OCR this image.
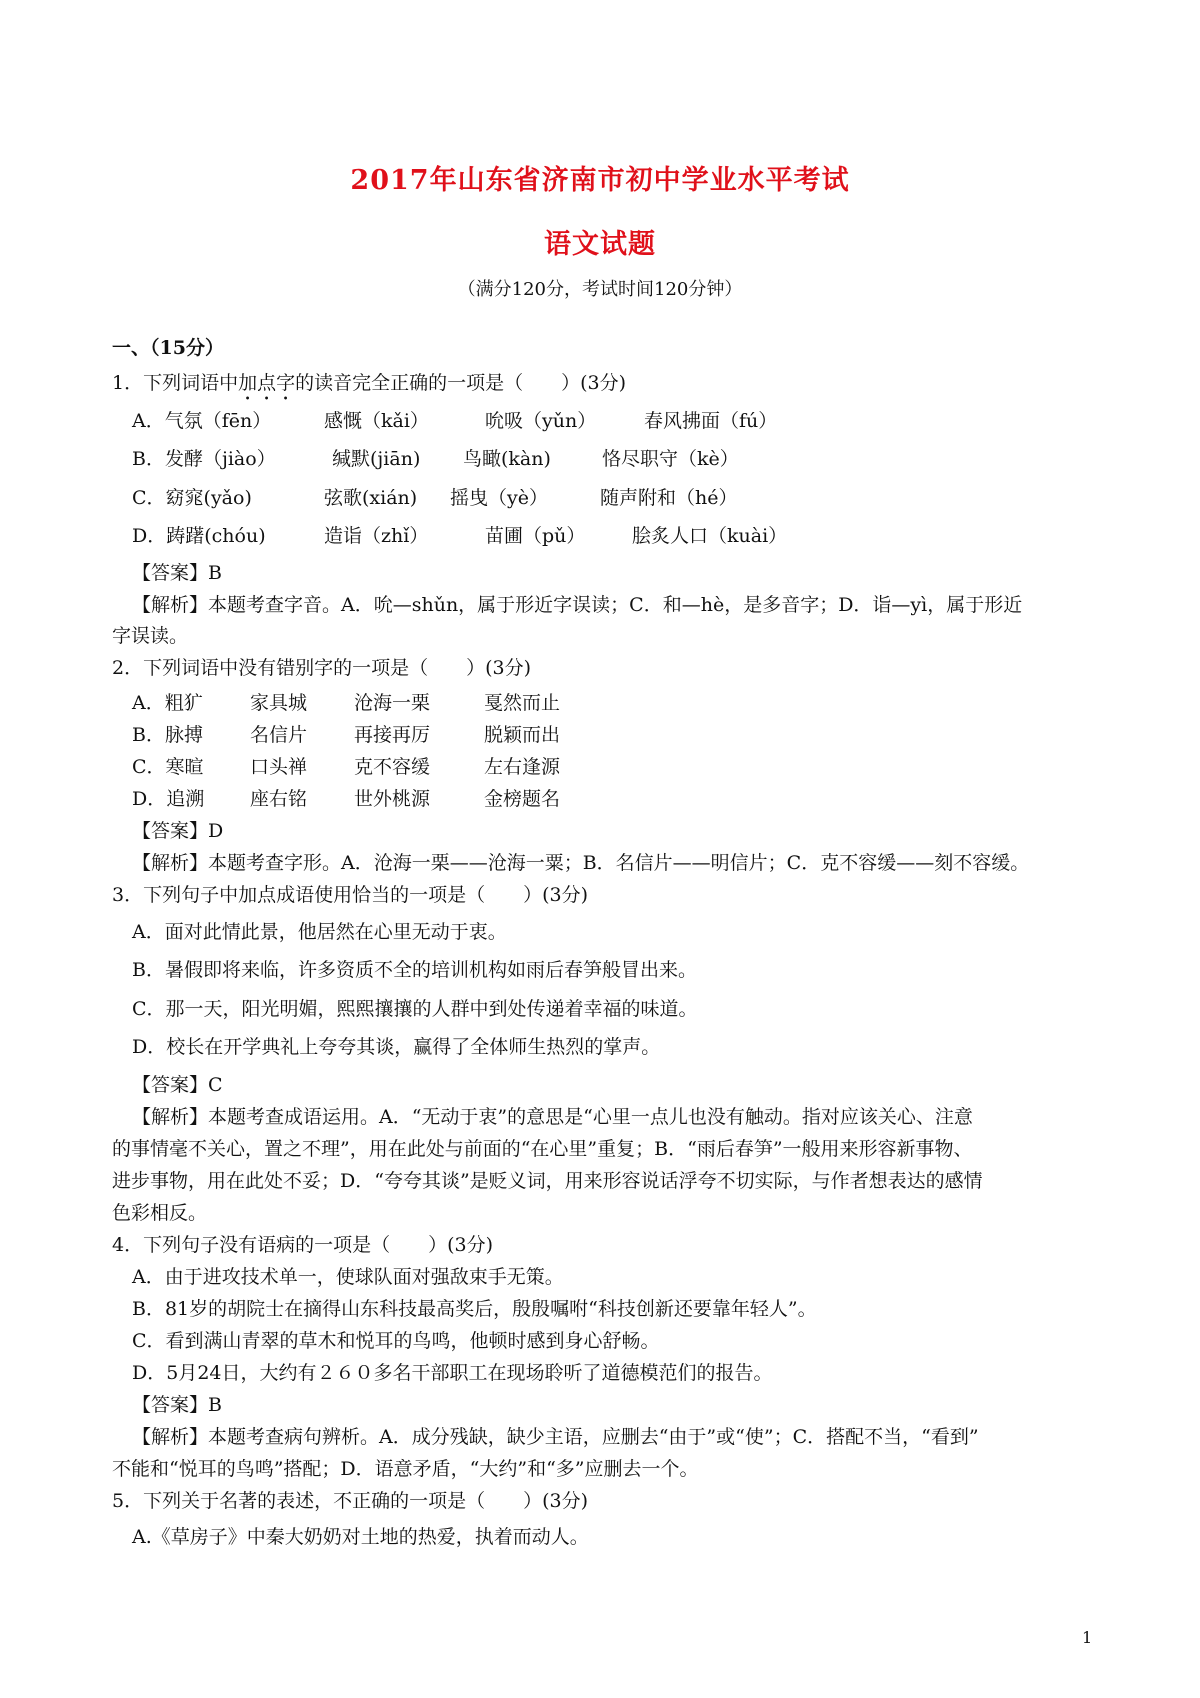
2017年山东省济南市初中学业水平考试
语文试题
（满分120分，考试时间120分钟）
一、（15分）
1．下列词语中加点字的读音完全正确的一项是（　　）(3分)
A．气氛（fēn）	感慨（kǎi）	吮吸（yǔn）	春风拂面（fú）
B．发酵（jiào）	缄默(jiān) 鸟瞰(kàn)	恪尽职守（kè）
C．窈窕(yǎo)	弦歌(xián) 摇曳（yè）	随声附和（hé）
D．踌躇(chóu)	造诣（zhǐ）	苗圃（pǔ） 脍炙人口（kuài）
【答案】B
【解析】本题考查字音。A．吮—shǔn，属于形近字误读；C．和—hè，是多音字；D．诣—yì，属于形近
字误读。
2．下列词语中没有错别字的一项是（　　）(3分)
A．粗犷 家具城 沧海一栗	戛然而止
B．脉搏 名信片 再接再厉	脱颖而出
C．寒暄 口头禅 克不容缓	左右逢源
D．追溯 座右铭 世外桃源	金榜题名
【答案】D
【解析】本题考查字形。A．沧海一栗——沧海一粟；B．名信片——明信片；C．克不容缓——刻不容缓。
3．下列句子中加点成语使用恰当的一项是（　　）(3分)
A．面对此情此景，他居然在心里无动于衷。
B．暑假即将来临，许多资质不全的培训机构如雨后春笋般冒出来。
C．那一天，阳光明媚，熙熙攘攘的人群中到处传递着幸福的味道。
D．校长在开学典礼上夸夸其谈，赢得了全体师生热烈的掌声。
【答案】C
【解析】本题考查成语运用。A．“无动于衷”的意思是“心里一点儿也没有触动。指对应该关心、注意
的事情毫不关心，置之不理”，用在此处与前面的“在心里”重复；B．“雨后春笋”一般用来形容新事物、
进步事物，用在此处不妥；D．“夸夸其谈”是贬义词，用来形容说话浮夸不切实际，与作者想表达的感情
色彩相反。
4．下列句子没有语病的一项是（　　）(3分)
A．由于进攻技术单一，使球队面对强敌束手无策。
B．81岁的胡院士在摘得山东科技最高奖后，殷殷嘱咐“科技创新还要靠年轻人”。
C．看到满山青翠的草木和悦耳的鸟鸣，他顿时感到身心舒畅。
D．5月24日，大约有２６０多名干部职工在现场聆听了道德模范们的报告。
【答案】B
【解析】本题考查病句辨析。A．成分残缺，缺少主语，应删去“由于”或“使”；C．搭配不当，“看到”
不能和“悦耳的鸟鸣”搭配；D．语意矛盾，“大约”和“多”应删去一个。
5．下列关于名著的表述，不正确的一项是（　　）(3分)
A.《草房子》中秦大奶奶对土地的热爱，执着而动人。
1
